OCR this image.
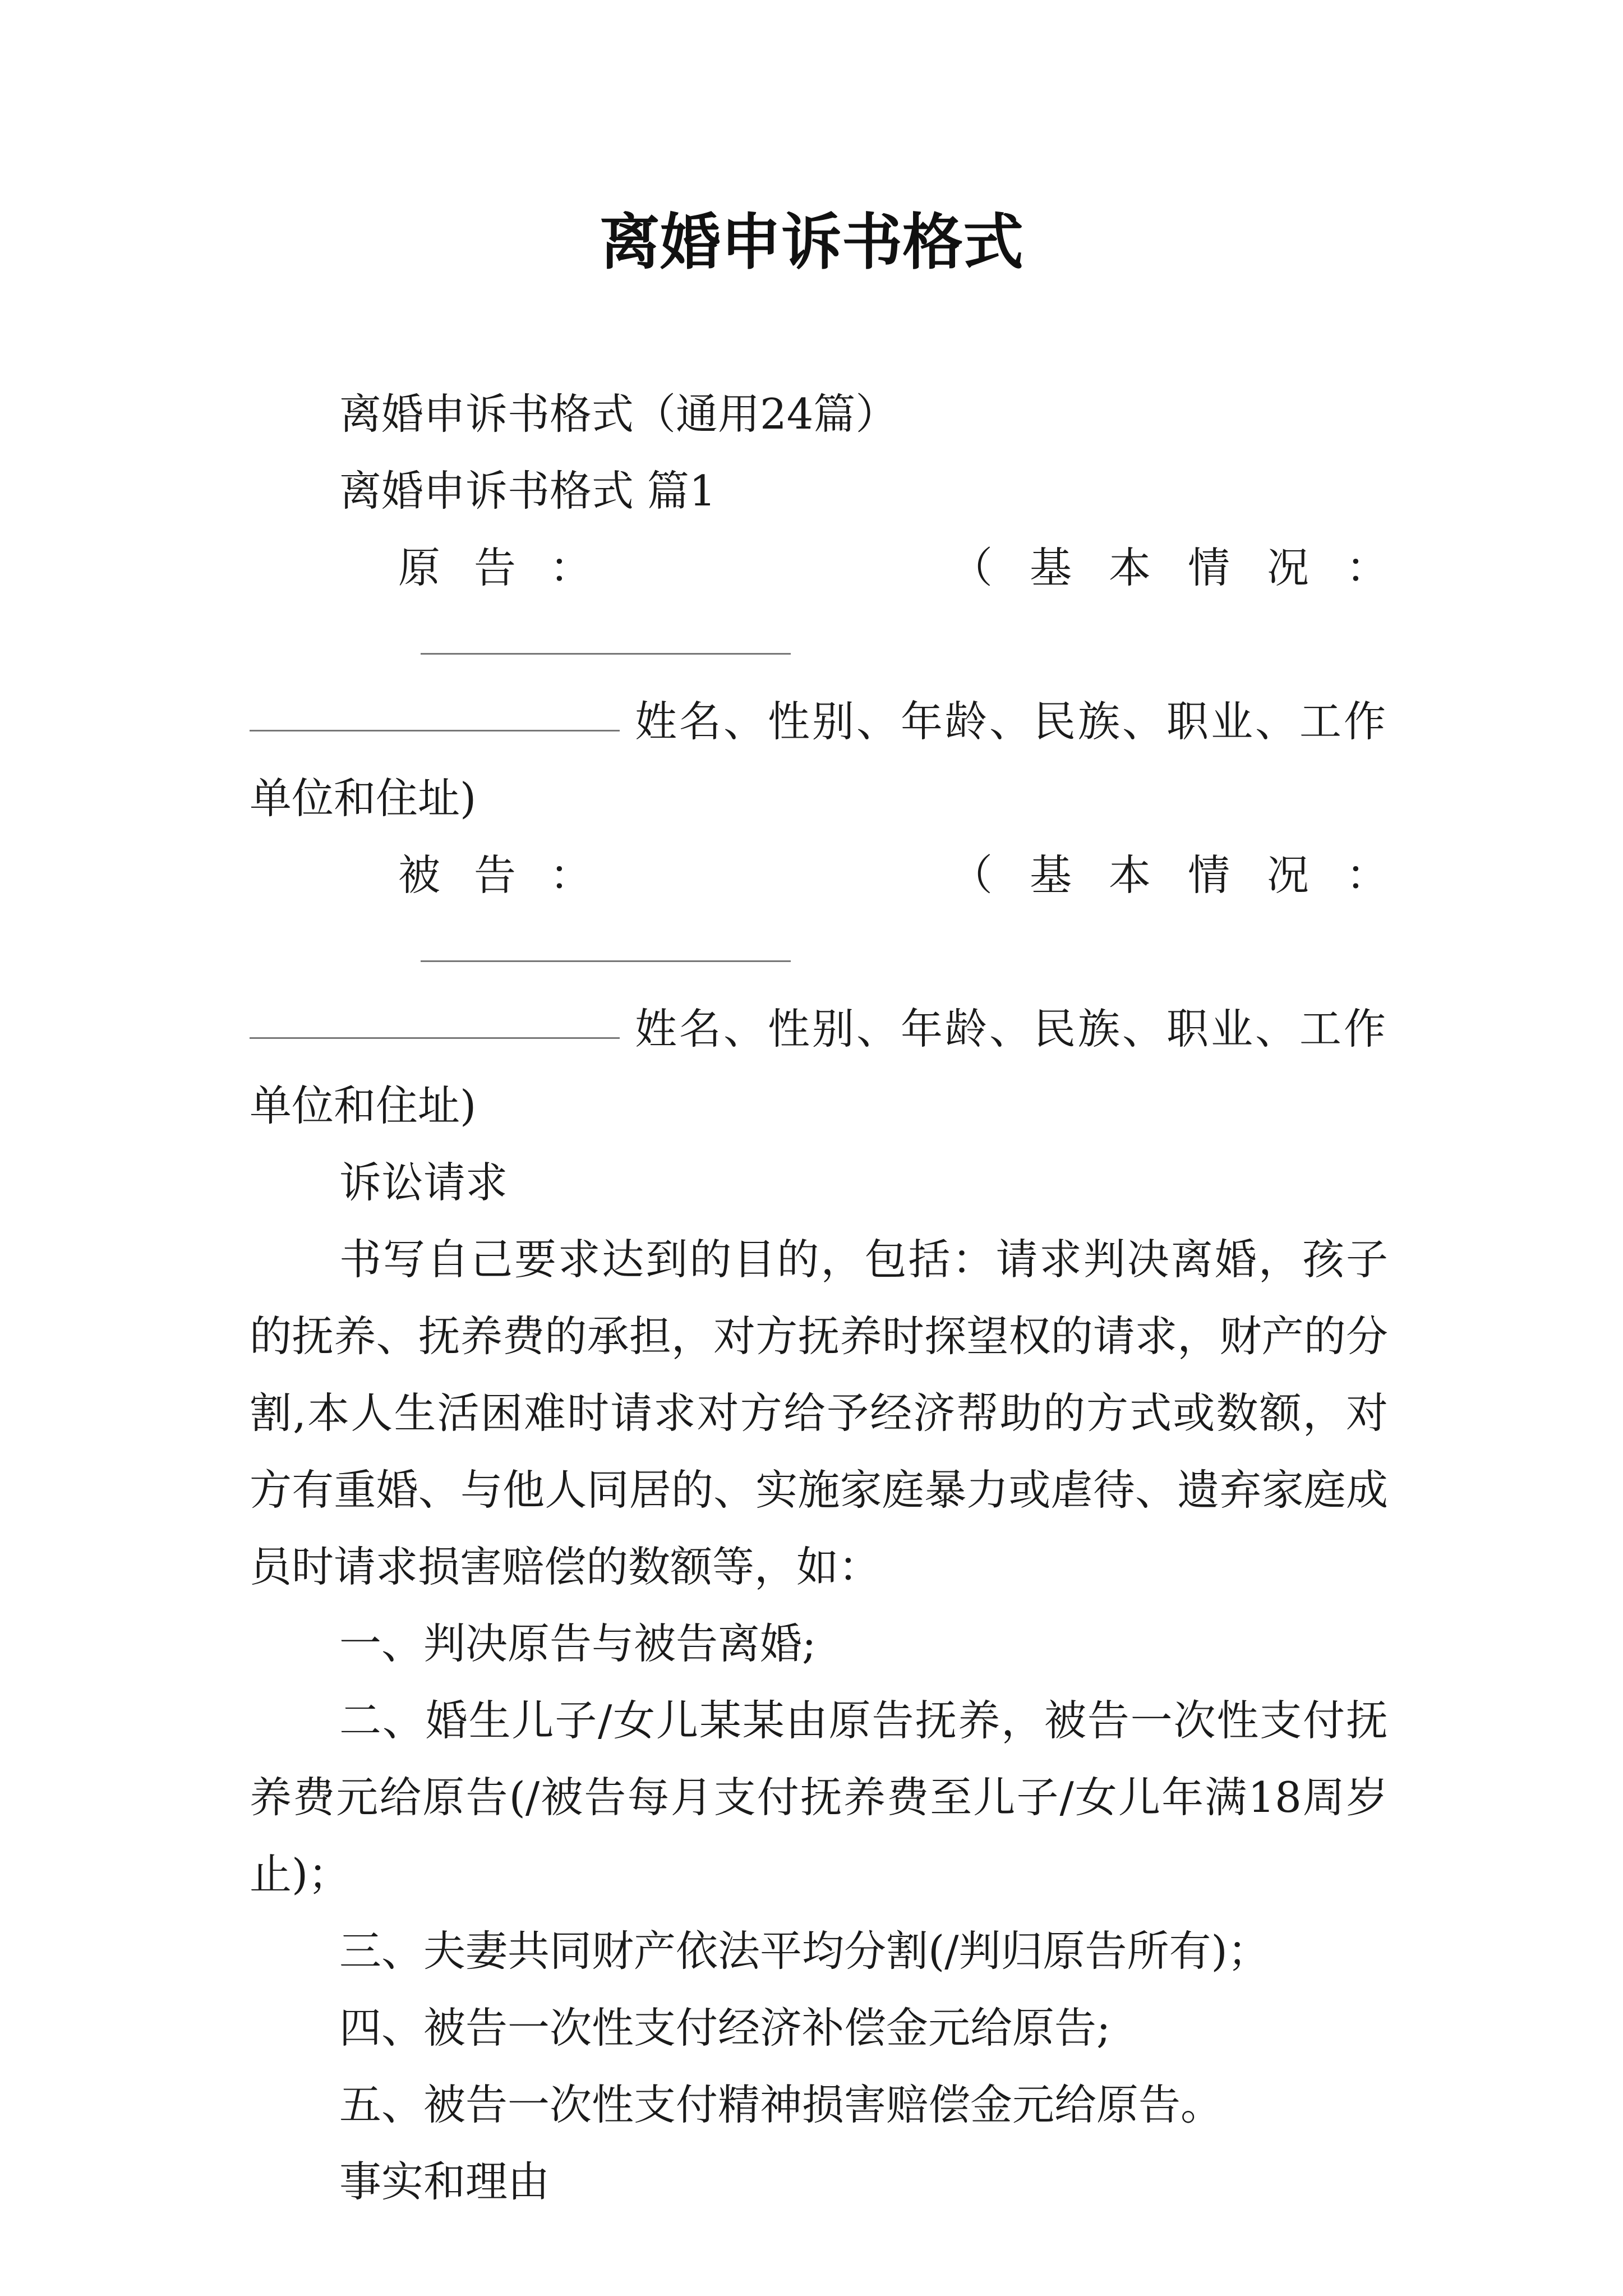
离婚申诉书格式

离婚申诉书格式（通用24篇）

离婚申诉书格式 篇1

原告：	（基本情况：
姓名、性别、年龄、民族、职业、工作

单位和住址)

被告：	（基本情况：
姓名、性别、年龄、民族、职业、工作

单位和住址)

诉讼请求

书写自己要求达到的目的，包括：请求判决离婚，孩子的抚养、抚养费的承担，对方抚养时探望权的请求，财产的分割,本人生活困难时请求对方给予经济帮助的方式或数额，对方有重婚、与他人同居的、实施家庭暴力或虐待、遗弃家庭成员时请求损害赔偿的数额等，如：

一、判决原告与被告离婚;

二、婚生儿子/女儿某某由原告抚养，被告一次性支付抚养费元给原告(/被告每月支付抚养费至儿子/女儿年满18周岁止)；

三、夫妻共同财产依法平均分割(/判归原告所有)；

四、被告一次性支付经济补偿金元给原告;

五、被告一次性支付精神损害赔偿金元给原告。

事实和理由
